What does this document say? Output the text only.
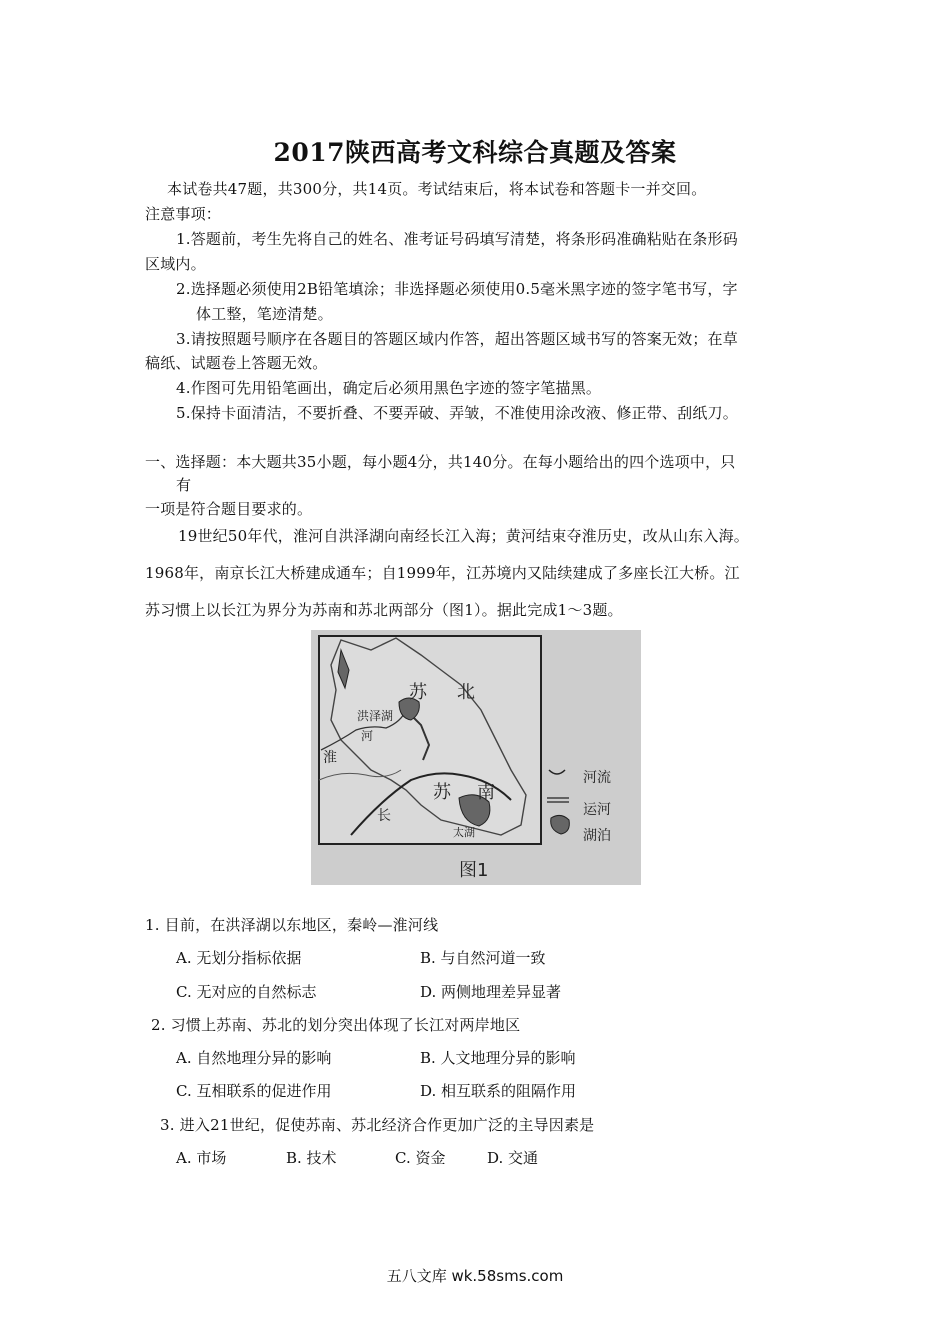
2017陕西高考文科综合真题及答案
本试卷共47题，共300分，共14页。考试结束后，将本试卷和答题卡一并交回。
注意事项：
1.答题前，考生先将自己的姓名、准考证号码填写清楚，将条形码准确粘贴在条形码
区域内。
2.选择题必须使用2B铅笔填涂；非选择题必须使用0.5毫米黑字迹的签字笔书写，字
体工整，笔迹清楚。
3.请按照题号顺序在各题目的答题区域内作答，超出答题区域书写的答案无效；在草
稿纸、试题卷上答题无效。
4.作图可先用铅笔画出，确定后必须用黑色字迹的签字笔描黑。
5.保持卡面清洁，不要折叠、不要弄破、弄皱，不准使用涂改液、修正带、刮纸刀。
一、选择题：本大题共35小题，每小题4分，共140分。在每小题给出的四个选项中，只
有
一项是符合题目要求的。
19世纪50年代，淮河自洪泽湖向南经长江入海；黄河结束夺淮历史，改从山东入海。
1968年，南京长江大桥建成通车；自1999年，江苏境内又陆续建成了多座长江大桥。江
苏习惯上以长江为界分为苏南和苏北两部分（图1）。据此完成1～3题。
苏 北
洪泽湖
河
淮
苏 南
长
太湖
河流
运河
湖泊
图1
1. 目前，在洪泽湖以东地区，秦岭—淮河线
A. 无划分指标依据	B. 与自然河道一致
C. 无对应的自然标志	D. 两侧地理差异显著
2. 习惯上苏南、苏北的划分突出体现了长江对两岸地区
A. 自然地理分异的影响	B. 人文地理分异的影响
C. 互相联系的促进作用	D. 相互联系的阻隔作用
3. 进入21世纪，促使苏南、苏北经济合作更加广泛的主导因素是
A. 市场	B. 技术	C. 资金	D. 交通
五八文库 wk.58sms.com
